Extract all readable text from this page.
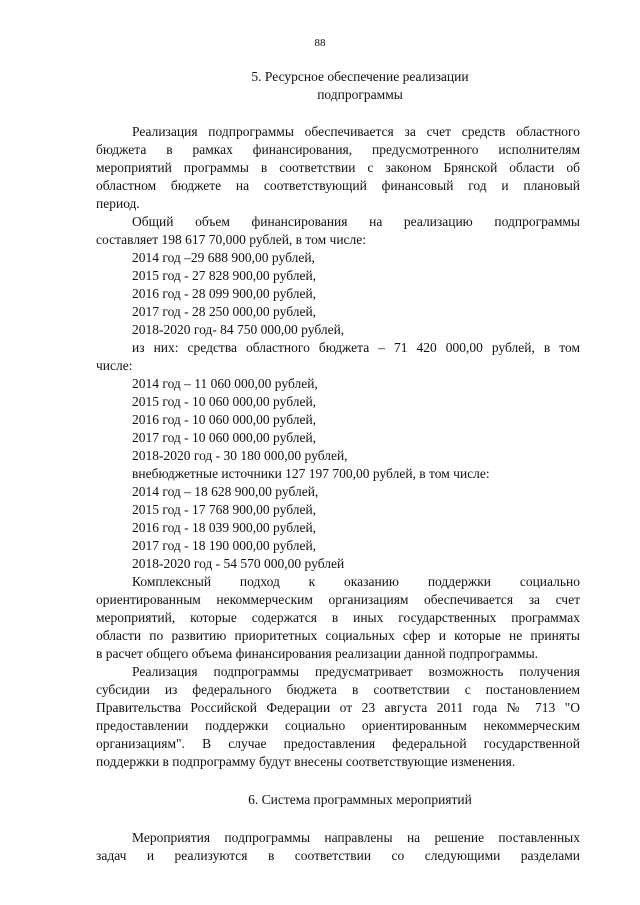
88
5. Ресурсное обеспечение реализации
подпрограммы
Реализация подпрограммы обеспечивается за счет средств областного
бюджета в рамках финансирования, предусмотренного исполнителям
мероприятий программы в соответствии с законом Брянской области об
областном бюджете на соответствующий финансовый год и плановый
период.
Общий объем финансирования на реализацию подпрограммы
составляет 198 617 70,000 рублей, в том числе:
2014 год –29 688 900,00 рублей,
2015 год - 27 828 900,00 рублей,
2016 год - 28 099 900,00 рублей,
2017 год - 28 250 000,00 рублей,
2018-2020 год- 84 750 000,00 рублей,
из них: средства областного бюджета – 71 420 000,00 рублей, в том
числе:
2014 год – 11 060 000,00 рублей,
2015 год - 10 060 000,00 рублей,
2016 год - 10 060 000,00 рублей,
2017 год - 10 060 000,00 рублей,
2018-2020 год - 30 180 000,00 рублей,
внебюджетные источники 127 197 700,00 рублей, в том числе:
2014 год – 18 628 900,00 рублей,
2015 год - 17 768 900,00 рублей,
2016 год - 18 039 900,00 рублей,
2017 год - 18 190 000,00 рублей,
2018-2020 год - 54 570 000,00 рублей
Комплексный подход к оказанию поддержки социально
ориентированным некоммерческим организациям обеспечивается за счет
мероприятий, которые содержатся в иных государственных программах
области по развитию приоритетных социальных сфер и которые не приняты
в расчет общего объема финансирования реализации данной подпрограммы.
Реализация подпрограммы предусматривает возможность получения
субсидии из федерального бюджета в соответствии с постановлением
Правительства Российской Федерации от 23 августа 2011 года № 713 "О
предоставлении поддержки социально ориентированным некоммерческим
организациям". В случае предоставления федеральной государственной
поддержки в подпрограмму будут внесены соответствующие изменения.
6. Система программных мероприятий
Мероприятия подпрограммы направлены на решение поставленных
задач и реализуются в соответствии со следующими разделами
